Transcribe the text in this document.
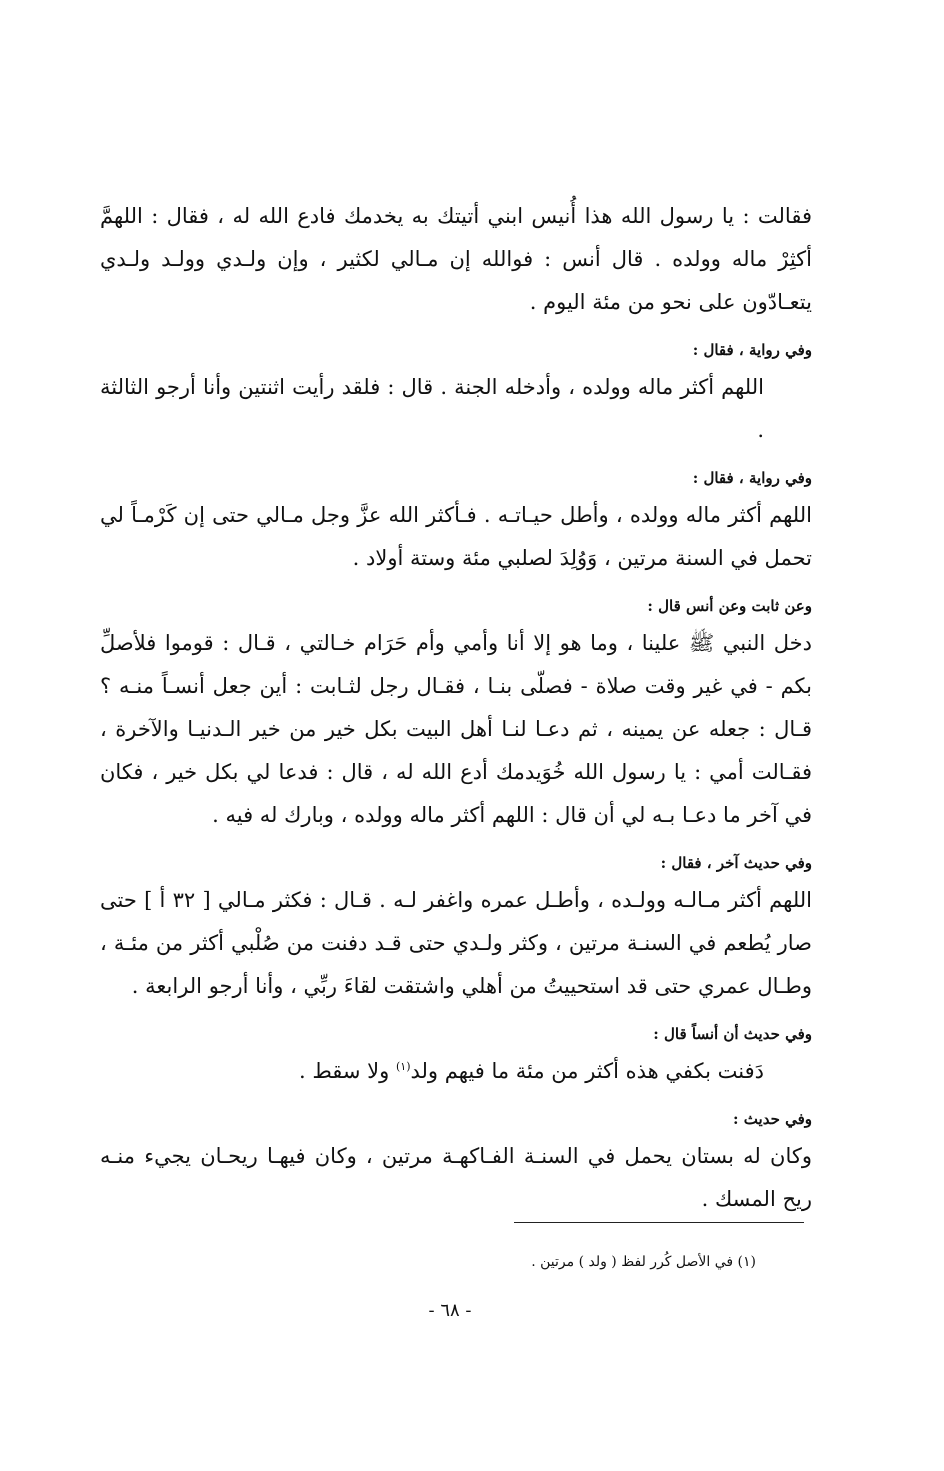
فقالت : يا رسول الله هذا أُنيس ابني أتيتك به يخدمك فادع الله له ، فقال : اللهمَّ أكثِرْ ماله وولده . قال أنس : فوالله إن مـالي لكثير ، وإن ولـدي وولـد ولـدي يتعـادّون على نحو من مئة اليوم .

وفي رواية ، فقال :

اللهم أكثر ماله وولده ، وأدخله الجنة . قال : فلقد رأيت اثنتين وأنا أرجو الثالثة .

وفي رواية ، فقال :

اللهم أكثر ماله وولده ، وأطل حيـاتـه . فـأكثر الله عزَّ وجل مـالي حتى إن كَرْمـاً لي تحمل في السنة مرتين ، وَوُلِدَ لصلبي مئة وستة أولاد .

وعن ثابت وعن أنس قال :

دخل النبي ﷺ علينا ، وما هو إلا أنا وأمي وأم حَرَام خـالتي ، قـال : قوموا فلأصلِّ بكم - في غير وقت صلاة - فصلّى بنـا ، فقـال رجل لثـابت : أين جعل أنسـاً منـه ؟ قـال : جعله عن يمينه ، ثم دعـا لنـا أهل البيت بكل خير من خير الـدنيـا والآخرة ، فقـالت أمي : يا رسول الله خُوَيدمك أدع الله له ، قال : فدعا لي بكل خير ، فكان في آخر ما دعـا بـه لي أن قال : اللهم أكثر ماله وولده ، وبارك له فيه .

وفي حديث آخر ، فقال :

اللهم أكثر مـالـه وولـده ، وأطـل عمره واغفر لـه . قـال : فكثر مـالي [ ٣٢ أ ] حتى صار يُطعم في السنـة مرتين ، وكثر ولـدي حتى قـد دفنت من صُلْبي أكثر من مئـة ، وطـال عمري حتى قد استحييتُ من أهلي واشتقت لقاءَ ربِّي ، وأنا أرجو الرابعة .

وفي حديث أن أنساً قال :

دَفنت بكفي هذه أكثر من مئة ما فيهم ولد$^{(١)}$ ولا سقط .

وفي حديث :

وكان له بستان يحمل في السنـة الفـاكهـة مرتين ، وكان فيهـا ريحـان يجيء منـه ريح المسك .

(١) في الأصل كُرر لفظ ( ولد ) مرتين .
- ٦٨ -
